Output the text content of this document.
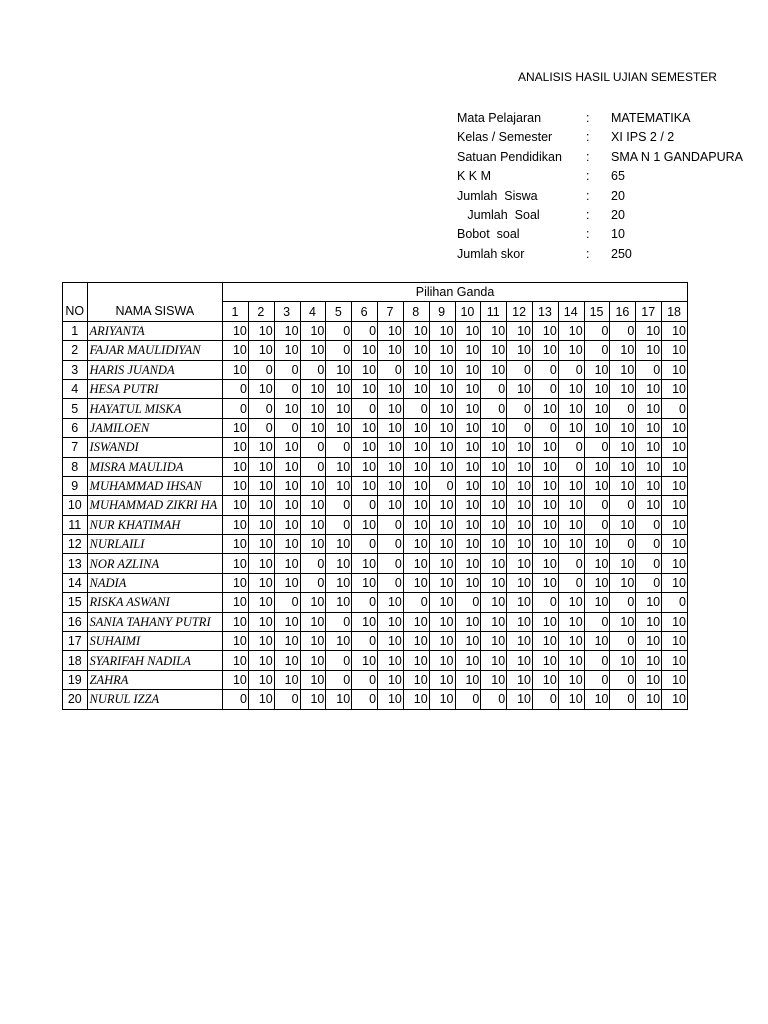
ANALISIS HASIL UJIAN SEMESTER
Mata Pelajaran	: MATEMATIKA
Kelas / Semester	: XI IPS 2 / 2
Satuan Pendidikan : SMA N 1 GANDAPURA
K K M	: 65
Jumlah  Siswa	: 20
Jumlah  Soal	: 20
Bobot  soal	: 10
Jumlah skor	: 250
		Pilihan Ganda																	
NO	NAMA SISWA	1	2	3	4	5	6	7	8	9	10	11	12	13	14	15	16	17	18
1	ARIYANTA	10	10	10	10	0	0	10	10	10	10	10	10	10	10	0	0	10	10
2	FAJAR MAULIDIYAN	10	10	10	10	0	10	10	10	10	10	10	10	10	10	0	10	10	10
3	HARIS JUANDA	10	0	0	0	10	10	0	10	10	10	10	0	0	0	10	10	0	10
4	HESA PUTRI	0	10	0	10	10	10	10	10	10	10	0	10	0	10	10	10	10	10
5	HAYATUL MISKA	0	0	10	10	10	0	10	0	10	10	0	0	10	10	10	0	10	0
6	JAMILOEN	10	0	0	10	10	10	10	10	10	10	10	0	0	10	10	10	10	10
7	ISWANDI	10	10	10	0	0	10	10	10	10	10	10	10	10	0	0	10	10	10
8	MISRA MAULIDA	10	10	10	0	10	10	10	10	10	10	10	10	10	0	10	10	10	10
9	MUHAMMAD IHSAN	10	10	10	10	10	10	10	10	0	10	10	10	10	10	10	10	10	10
10	MUHAMMAD ZIKRI HA	10	10	10	10	0	0	10	10	10	10	10	10	10	10	0	0	10	10
11	NUR KHATIMAH	10	10	10	10	0	10	0	10	10	10	10	10	10	10	0	10	0	10
12	NURLAILI	10	10	10	10	10	0	0	10	10	10	10	10	10	10	10	0	0	10
13	NOR AZLINA	10	10	10	0	10	10	0	10	10	10	10	10	10	0	10	10	0	10
14	NADIA	10	10	10	0	10	10	0	10	10	10	10	10	10	0	10	10	0	10
15	RISKA ASWANI	10	10	0	10	10	0	10	0	10	0	10	10	0	10	10	0	10	0
16	SANIA TAHANY PUTRI	10	10	10	10	0	10	10	10	10	10	10	10	10	10	0	10	10	10
17	SUHAIMI	10	10	10	10	10	0	10	10	10	10	10	10	10	10	10	0	10	10
18	SYARIFAH NADILA	10	10	10	10	0	10	10	10	10	10	10	10	10	10	0	10	10	10
19	ZAHRA	10	10	10	10	0	0	10	10	10	10	10	10	10	10	0	0	10	10
20	NURUL IZZA	0	10	0	10	10	0	10	10	10	0	0	10	0	10	10	0	10	10
